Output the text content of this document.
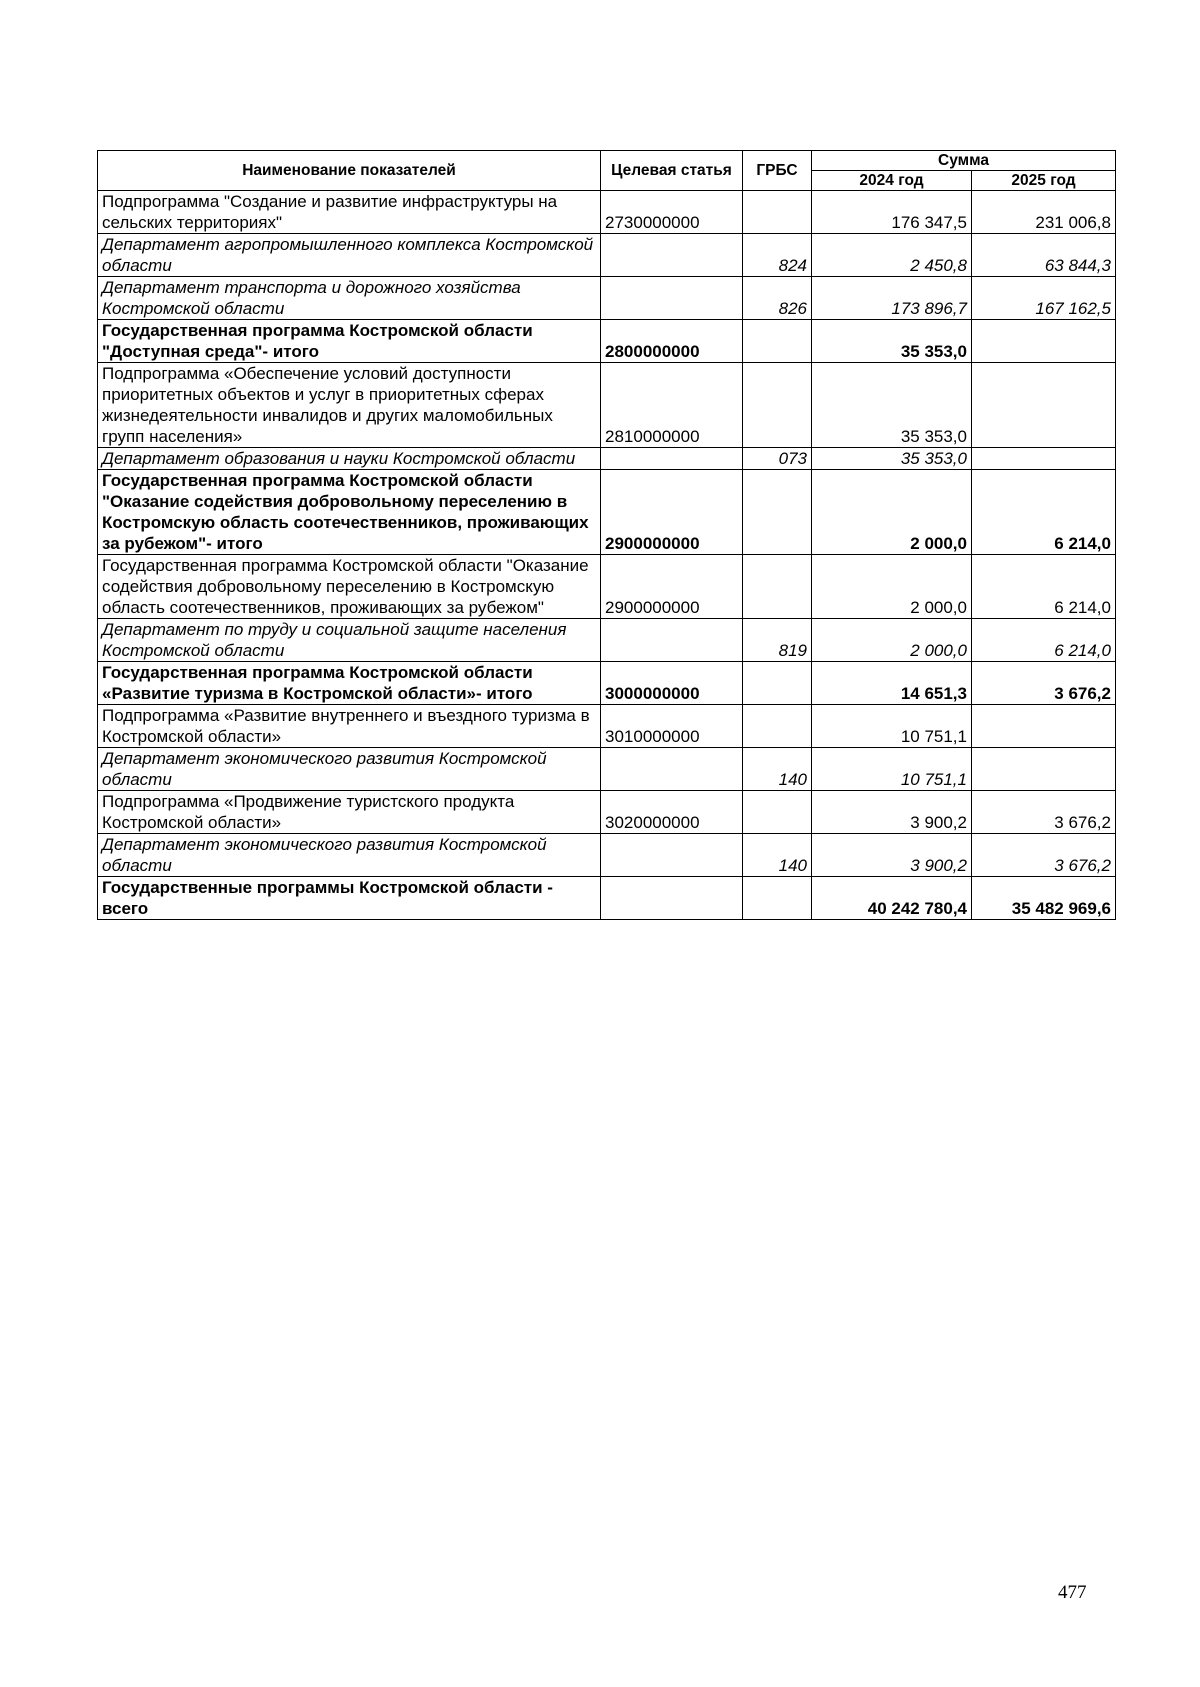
Наименование показателей	Целевая статья	ГРБС	Сумма	
			2024 год	2025 год
Подпрограмма "Создание и развитие инфраструктуры на сельских территориях"	2730000000		176 347,5	231 006,8
Департамент агропромышленного комплекса Костромской области		824	2 450,8	63 844,3
Департамент транспорта и дорожного хозяйства Костромской области		826	173 896,7	167 162,5
Государственная программа Костромской области "Доступная среда"- итого	2800000000		35 353,0	
Подпрограмма «Обеспечение условий доступности приоритетных объектов и услуг в приоритетных сферах жизнедеятельности инвалидов и других маломобильных групп населения»	2810000000		35 353,0	
Департамент образования и науки Костромской области		073	35 353,0	
Государственная программа Костромской области "Оказание содействия добровольному переселению в Костромскую область соотечественников, проживающих за рубежом"- итого	2900000000		2 000,0	6 214,0
Государственная программа Костромской области "Оказание содействия добровольному переселению в Костромскую область соотечественников, проживающих за рубежом"	2900000000		2 000,0	6 214,0
Департамент по труду и социальной защите населения Костромской области		819	2 000,0	6 214,0
Государственная программа Костромской области «Развитие туризма в Костромской области»- итого	3000000000		14 651,3	3 676,2
Подпрограмма «Развитие внутреннего и въездного туризма в Костромской области»	3010000000		10 751,1	
Департамент экономического развития Костромской области		140	10 751,1	
Подпрограмма «Продвижение туристского продукта Костромской области»	3020000000		3 900,2	3 676,2
Департамент экономического развития Костромской области		140	3 900,2	3 676,2
Государственные программы Костромской области - всего			40 242 780,4	35 482 969,6
477
